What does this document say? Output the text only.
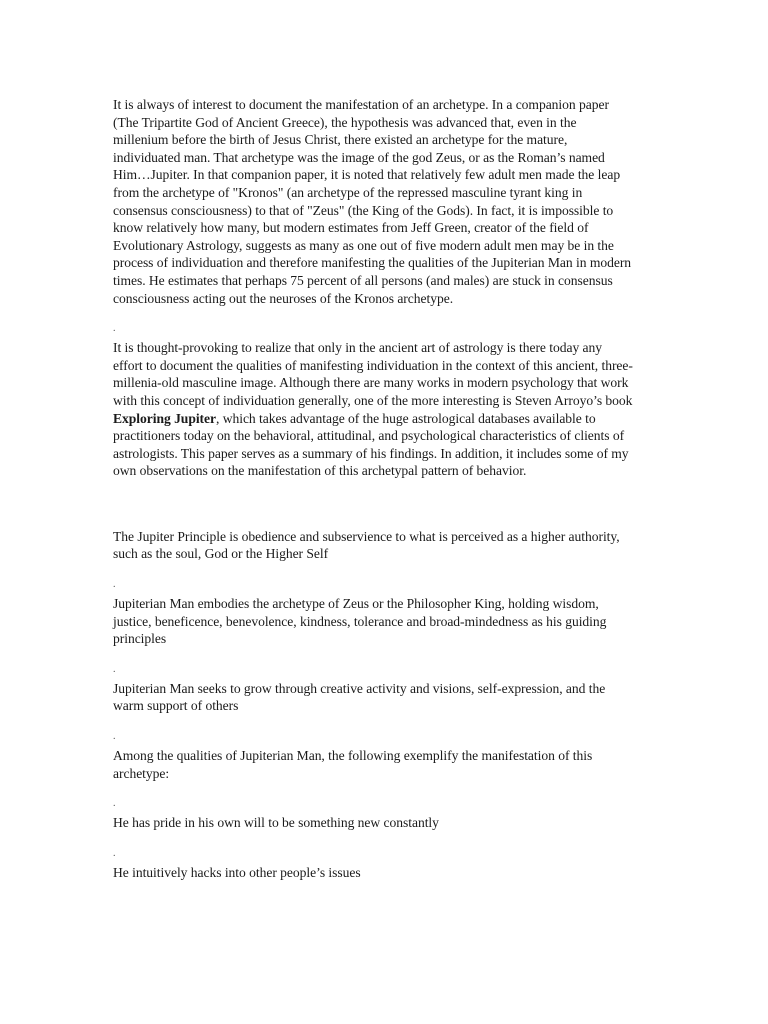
It is always of interest to document the manifestation of an archetype. In a companion paper (The Tripartite God of Ancient Greece), the hypothesis was advanced that, even in the millenium before the birth of Jesus Christ, there existed an archetype for the mature, individuated man. That archetype was the image of the god Zeus, or as the Roman’s named Him…Jupiter. In that companion paper, it is noted that relatively few adult men made the leap from the archetype of "Kronos" (an archetype of the repressed masculine tyrant king in consensus consciousness) to that of "Zeus" (the King of the Gods). In fact, it is impossible to know relatively how many, but modern estimates from Jeff Green, creator of the field of Evolutionary Astrology, suggests as many as one out of five modern adult men may be in the process of individuation and therefore manifesting the qualities of the Jupiterian Man in modern times. He estimates that perhaps 75 percent of all persons (and males) are stuck in consensus consciousness acting out the neuroses of the Kronos archetype.

.

It is thought-provoking to realize that only in the ancient art of astrology is there today any effort to document the qualities of manifesting individuation in the context of this ancient, three-millenia-old masculine image. Although there are many works in modern psychology that work with this concept of individuation generally, one of the more interesting is Steven Arroyo’s book Exploring Jupiter, which takes advantage of the huge astrological databases available to practitioners today on the behavioral, attitudinal, and psychological characteristics of clients of astrologists. This paper serves as a summary of his findings. In addition, it includes some of my own observations on the manifestation of this archetypal pattern of behavior.

The Jupiter Principle is obedience and subservience to what is perceived as a higher authority, such as the soul, God or the Higher Self

.

Jupiterian Man embodies the archetype of Zeus or the Philosopher King, holding wisdom, justice, beneficence, benevolence, kindness, tolerance and broad-mindedness as his guiding principles

.

Jupiterian Man seeks to grow through creative activity and visions, self-expression, and the warm support of others

.

Among the qualities of Jupiterian Man, the following exemplify the manifestation of this archetype:

.

He has pride in his own will to be something new constantly

.

He intuitively hacks into other people’s issues
